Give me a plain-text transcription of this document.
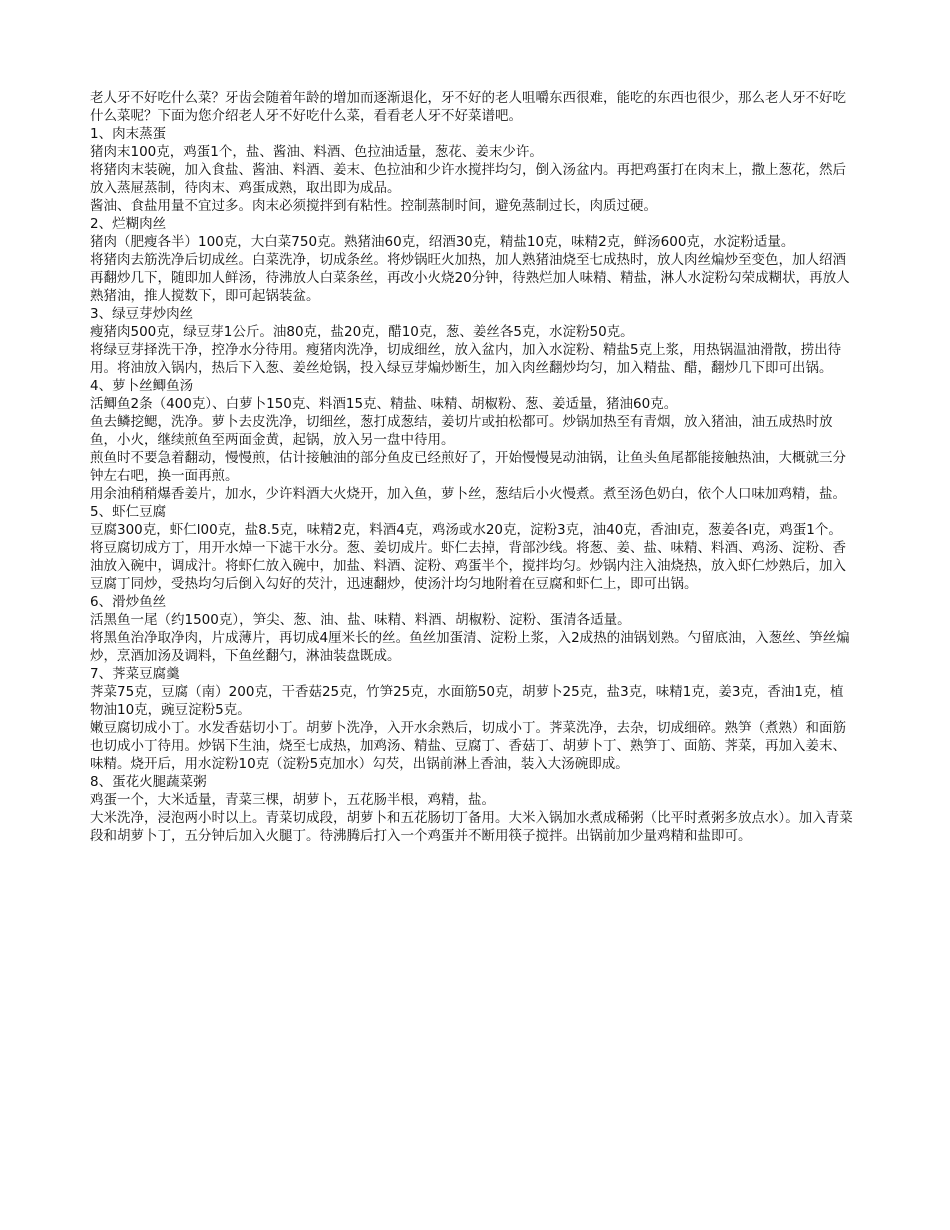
老人牙不好吃什么菜？牙齿会随着年龄的增加而逐渐退化，牙不好的老人咀嚼东西很难，能吃的东西也很少，那么老人牙不好吃什么菜呢？下面为您介绍老人牙不好吃什么菜，看看老人牙不好菜谱吧。

1、肉末蒸蛋

猪肉末100克，鸡蛋1个，盐、酱油、料酒、色拉油适量，葱花、姜末少许。

将猪肉末装碗，加入食盐、酱油、料酒、姜末、色拉油和少许水搅拌均匀，倒入汤盆内。再把鸡蛋打在肉末上，撒上葱花，然后放入蒸屉蒸制，待肉末、鸡蛋成熟，取出即为成品。

酱油、食盐用量不宜过多。肉末必须搅拌到有粘性。控制蒸制时间，避免蒸制过长，肉质过硬。

2、烂糊肉丝

猪肉（肥瘦各半）100克，大白菜750克。熟猪油60克，绍酒30克，精盐10克，味精2克，鲜汤600克，水淀粉适量。

将猪肉去筋洗净后切成丝。白菜洗净，切成条丝。将炒锅旺火加热，加人熟猪油烧至七成热时，放人肉丝煸炒至变色，加人绍酒再翻炒几下，随即加人鲜汤，待沸放人白菜条丝，再改小火烧20分钟，待熟烂加人味精、精盐，淋人水淀粉勾荣成糊状，再放人熟猪油，推人搅数下，即可起锅装盆。

3、绿豆芽炒肉丝

瘦猪肉500克，绿豆芽1公斤。油80克，盐20克，醋10克，葱、姜丝各5克，水淀粉50克。

将绿豆芽择洗干净，控净水分待用。瘦猪肉洗净，切成细丝，放入盆内，加入水淀粉、精盐5克上浆，用热锅温油滑散，捞出待用。将油放入锅内，热后下入葱、姜丝炝锅，投入绿豆芽煸炒断生，加入肉丝翻炒均匀，加入精盐、醋，翻炒几下即可出锅。

4、萝卜丝鲫鱼汤

活鲫鱼2条（400克）、白萝卜150克、料酒15克、精盐、味精、胡椒粉、葱、姜适量，猪油60克。

鱼去鳞挖鳃，洗净。萝卜去皮洗净，切细丝，葱打成葱结，姜切片或拍松都可。炒锅加热至有青烟，放入猪油，油五成热时放鱼，小火，继续煎鱼至两面金黄，起锅，放入另一盘中待用。

煎鱼时不要急着翻动，慢慢煎，估计接触油的部分鱼皮已经煎好了，开始慢慢晃动油锅，让鱼头鱼尾都能接触热油，大概就三分钟左右吧，换一面再煎。

用余油稍稍爆香姜片，加水，少许料酒大火烧开，加入鱼，萝卜丝，葱结后小火慢煮。煮至汤色奶白，依个人口味加鸡精，盐。

5、虾仁豆腐

豆腐300克，虾仁l00克，盐8.5克，味精2克，料酒4克，鸡汤或水20克，淀粉3克，油40克，香油l克，葱姜各l克，鸡蛋1个。

将豆腐切成方丁，用开水焯一下滤干水分。葱、姜切成片。虾仁去掉，背部沙线。将葱、姜、盐、味精、料酒、鸡汤、淀粉、香油放入碗中，调成汁。将虾仁放入碗中，加盐、料酒、淀粉、鸡蛋半个，搅拌均匀。炒锅内注入油烧热，放入虾仁炒熟后，加入豆腐丁同炒，受热均匀后倒入勾好的芡汁，迅速翻炒，使汤汁均匀地附着在豆腐和虾仁上，即可出锅。

6、滑炒鱼丝

活黑鱼一尾（约1500克），笋尖、葱、油、盐、味精、料酒、胡椒粉、淀粉、蛋清各适量。

将黑鱼治净取净肉，片成薄片，再切成4厘米长的丝。鱼丝加蛋清、淀粉上浆，入2成热的油锅划熟。勺留底油，入葱丝、笋丝煸炒，烹酒加汤及调料，下鱼丝翻勺，淋油装盘既成。

7、荠菜豆腐羹

荠菜75克，豆腐（南）200克，干香菇25克，竹笋25克，水面筋50克，胡萝卜25克，盐3克，味精1克，姜3克，香油1克，植物油10克，豌豆淀粉5克。

嫩豆腐切成小丁。水发香菇切小丁。胡萝卜洗净，入开水余熟后，切成小丁。荠菜洗净，去杂，切成细碎。熟笋（煮熟）和面筋也切成小丁待用。炒锅下生油，烧至七成热，加鸡汤、精盐、豆腐丁、香菇丁、胡萝卜丁、熟笋丁、面筋、荠菜，再加入姜末、味精。烧开后，用水淀粉10克（淀粉5克加水）勾芡，出锅前淋上香油，装入大汤碗即成。

8、蛋花火腿蔬菜粥

鸡蛋一个，大米适量，青菜三棵，胡萝卜，五花肠半根，鸡精，盐。

大米洗净，浸泡两小时以上。青菜切成段，胡萝卜和五花肠切丁备用。大米入锅加水煮成稀粥（比平时煮粥多放点水）。加入青菜段和胡萝卜丁，五分钟后加入火腿丁。待沸腾后打入一个鸡蛋并不断用筷子搅拌。出锅前加少量鸡精和盐即可。
